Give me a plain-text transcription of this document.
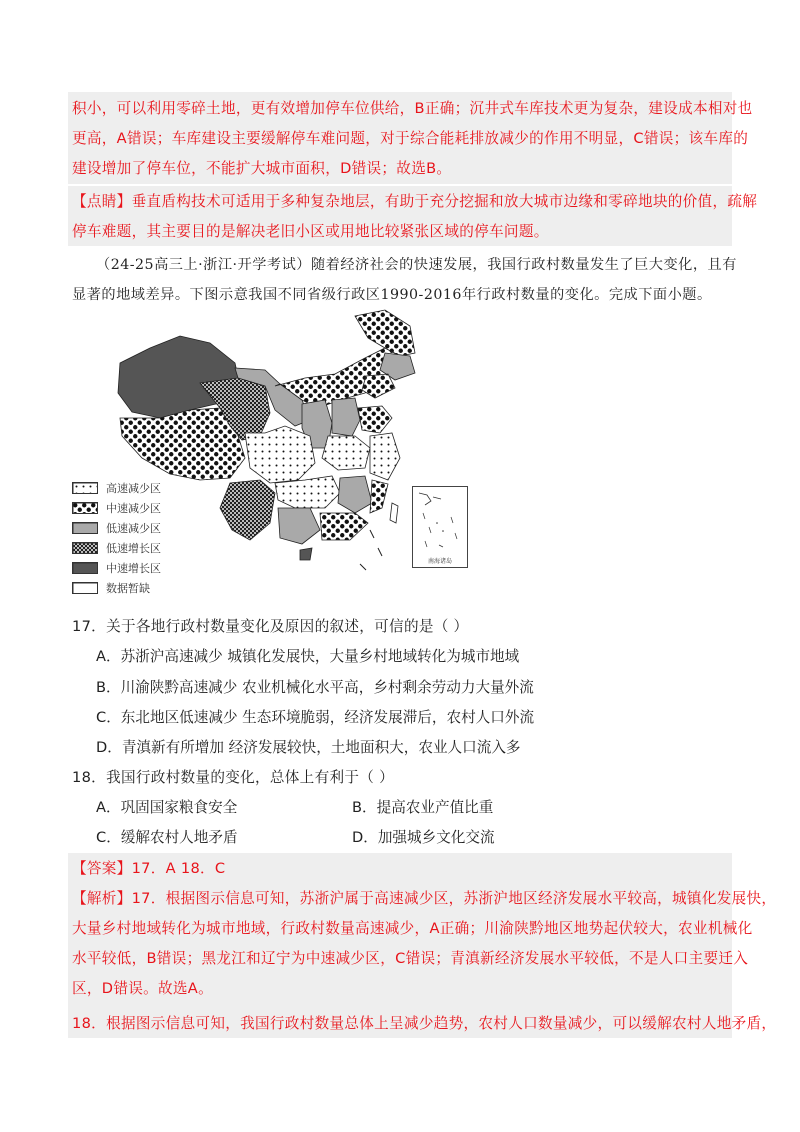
积小，可以利用零碎土地，更有效增加停车位供给，B正确；沉井式车库技术更为复杂，建设成本相对也
更高，A错误；车库建设主要缓解停车难问题，对于综合能耗排放减少的作用不明显，C错误；该车库的
建设增加了停车位，不能扩大城市面积，D错误；故选B。
【点睛】垂直盾构技术可适用于多种复杂地层，有助于充分挖掘和放大城市边缘和零碎地块的价值，疏解
停车难题，其主要目的是解决老旧小区或用地比较紧张区域的停车问题。
（24-25高三上·浙江·开学考试）随着经济社会的快速发展，我国行政村数量发生了巨大变化，且有
显著的地域差异。下图示意我国不同省级行政区1990-2016年行政村数量的变化。完成下面小题。
高速减少区
中速减少区
低速减少区
低速增长区
中速增长区
数据暂缺
南海诸岛
17．关于各地行政村数量变化及原因的叙述，可信的是（ ）
A．苏浙沪高速减少 城镇化发展快，大量乡村地域转化为城市地域
B．川渝陕黔高速减少 农业机械化水平高，乡村剩余劳动力大量外流
C．东北地区低速减少 生态环境脆弱，经济发展滞后，农村人口外流
D．青滇新有所增加 经济发展较快，土地面积大，农业人口流入多
18．我国行政村数量的变化，总体上有利于（ ）
A．巩固国家粮食安全	B．提高农业产值比重
C．缓解农村人地矛盾	D．加强城乡文化交流
【答案】17．A 18．C
【解析】17．根据图示信息可知，苏浙沪属于高速减少区，苏浙沪地区经济发展水平较高，城镇化发展快，
大量乡村地域转化为城市地域，行政村数量高速减少，A正确；川渝陕黔地区地势起伏较大，农业机械化
水平较低，B错误；黑龙江和辽宁为中速减少区，C错误；青滇新经济发展水平较低，不是人口主要迁入
区，D错误。故选A。
18．根据图示信息可知，我国行政村数量总体上呈减少趋势，农村人口数量减少，可以缓解农村人地矛盾，
